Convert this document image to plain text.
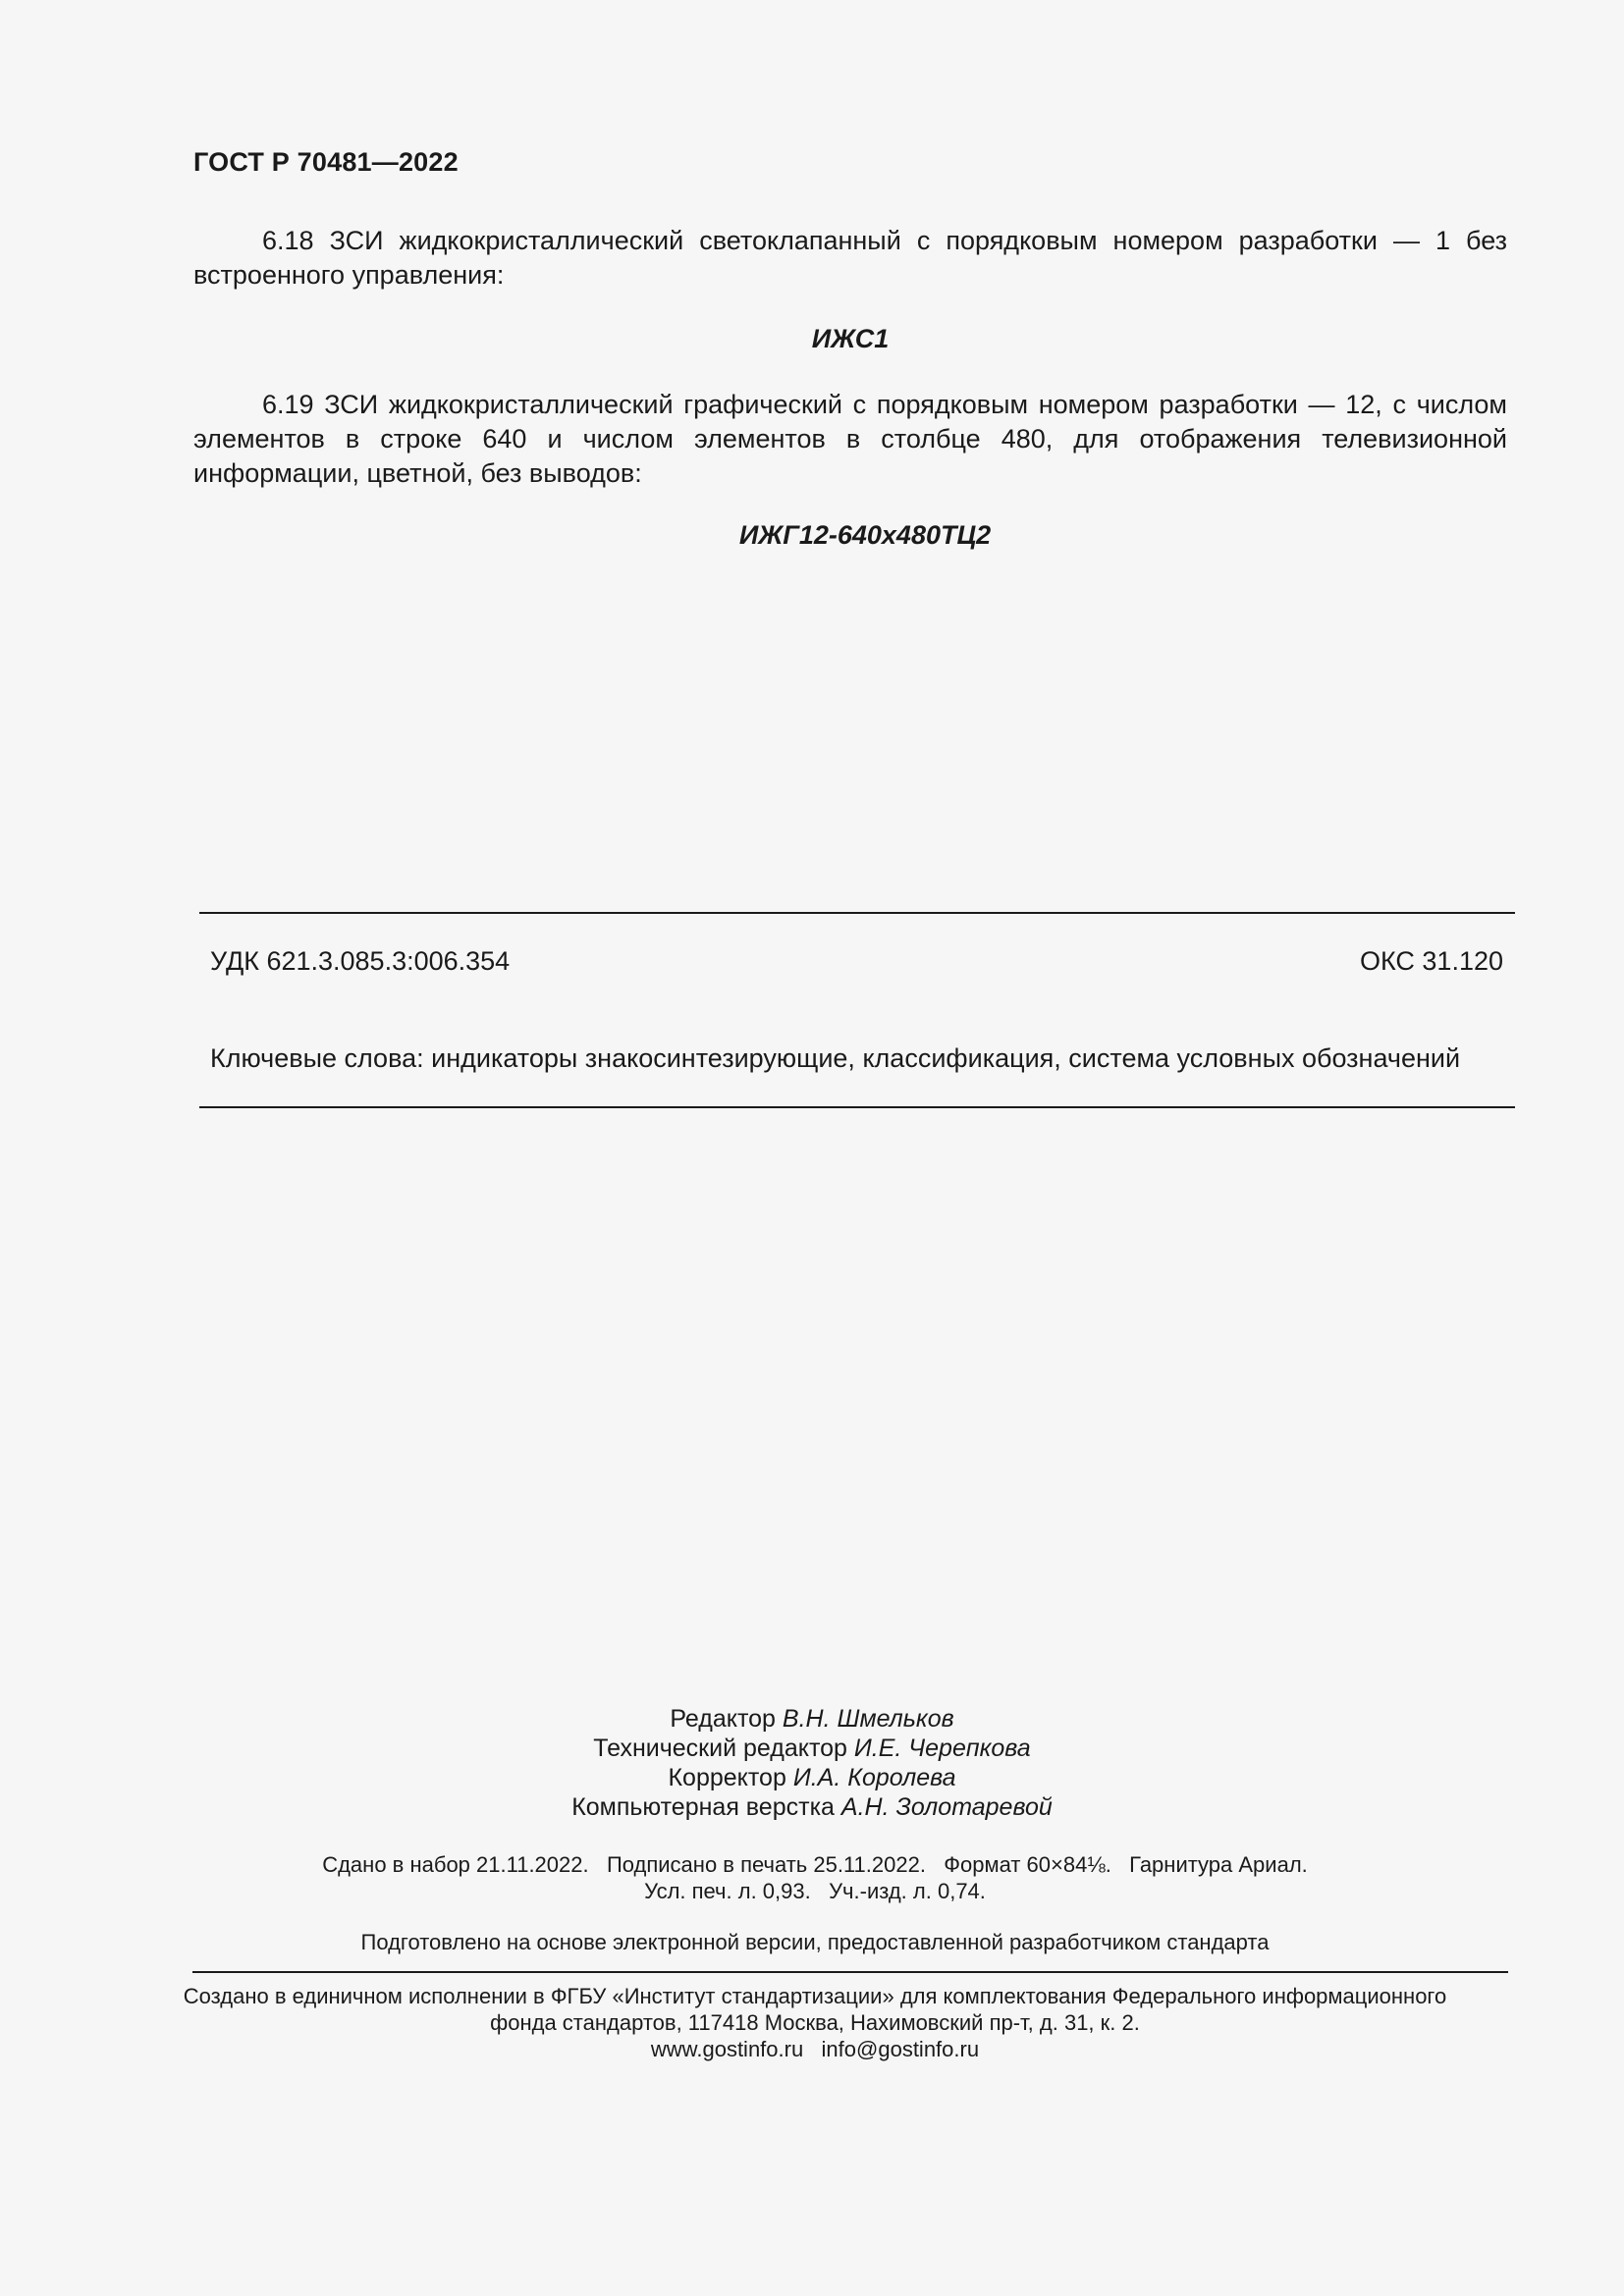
ГОСТ Р 70481—2022
6.18 ЗСИ жидкокристаллический светоклапанный с порядковым номером разработки — 1 без встроенного управления:
ИЖС1
6.19 ЗСИ жидкокристаллический графический с порядковым номером разработки — 12, с числом элементов в строке 640 и числом элементов в столбце 480, для отображения телевизионной информации, цветной, без выводов:
ИЖГ12-640x480ТЦ2
УДК 621.3.085.3:006.354	ОКС 31.120
Ключевые слова: индикаторы знакосинтезирующие, классификация, система условных обозначений
Редактор В.Н. Шмельков
Технический редактор И.Е. Черепкова
Корректор И.А. Королева
Компьютерная верстка А.Н. Золотаревой
Сдано в набор 21.11.2022.   Подписано в печать 25.11.2022.   Формат 60×84⅛.   Гарнитура Ариал.
Усл. печ. л. 0,93.   Уч.-изд. л. 0,74.
Подготовлено на основе электронной версии, предоставленной разработчиком стандарта
Создано в единичном исполнении в ФГБУ «Институт стандартизации» для комплектования Федерального информационного
фонда стандартов, 117418 Москва, Нахимовский пр-т, д. 31, к. 2.
www.gostinfo.ru info@gostinfo.ru
